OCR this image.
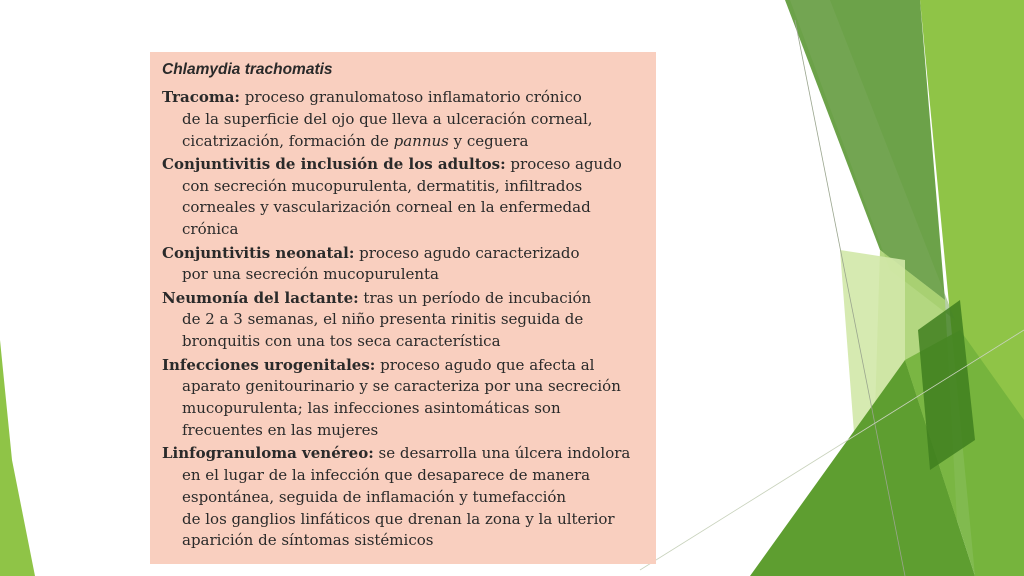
Chlamydia trachomatis
Tracoma: proceso granulomatoso inflamatorio crónico
de la superficie del ojo que lleva a ulceración corneal,
cicatrización, formación de pannus y ceguera
Conjuntivitis de inclusión de los adultos: proceso agudo
con secreción mucopurulenta, dermatitis, infiltrados
corneales y vascularización corneal en la enfermedad
crónica
Conjuntivitis neonatal: proceso agudo caracterizado
por una secreción mucopurulenta
Neumonía del lactante: tras un período de incubación
de 2 a 3 semanas, el niño presenta rinitis seguida de
bronquitis con una tos seca característica
Infecciones urogenitales: proceso agudo que afecta al
aparato genitourinario y se caracteriza por una secreción
mucopurulenta; las infecciones asintomáticas son
frecuentes en las mujeres
Linfogranuloma venéreo: se desarrolla una úlcera indolora
en el lugar de la infección que desaparece de manera
espontánea, seguida de inflamación y tumefacción
de los ganglios linfáticos que drenan la zona y la ulterior
aparición de síntomas sistémicos
